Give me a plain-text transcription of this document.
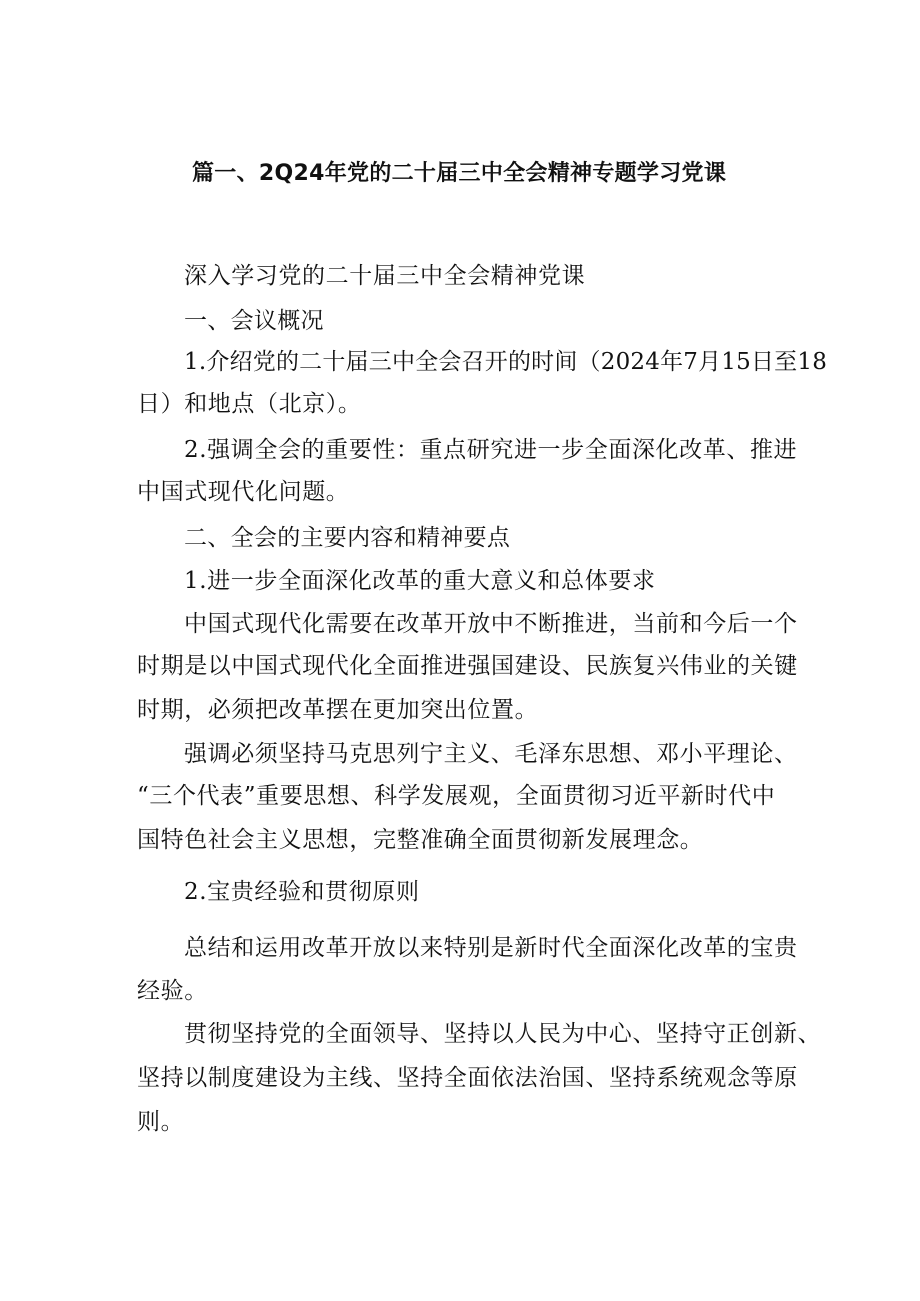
篇一、2Q24年党的二十届三中全会精神专题学习党课
深入学习党的二十届三中全会精神党课
一、会议概况
1.介绍党的二十届三中全会召开的时间（2024年7月15日至18
日）和地点（北京）。
2.强调全会的重要性：重点研究进一步全面深化改革、推进
中国式现代化问题。
二、全会的主要内容和精神要点
1.进一步全面深化改革的重大意义和总体要求
中国式现代化需要在改革开放中不断推进，当前和今后一个
时期是以中国式现代化全面推进强国建设、民族复兴伟业的关键
时期，必须把改革摆在更加突出位置。
强调必须坚持马克思列宁主义、毛泽东思想、邓小平理论、
“三个代表”重要思想、科学发展观，全面贯彻习近平新时代中
国特色社会主义思想，完整准确全面贯彻新发展理念。
2.宝贵经验和贯彻原则
总结和运用改革开放以来特别是新时代全面深化改革的宝贵
经验。
贯彻坚持党的全面领导、坚持以人民为中心、坚持守正创新、
坚持以制度建设为主线、坚持全面依法治国、坚持系统观念等原
则。
